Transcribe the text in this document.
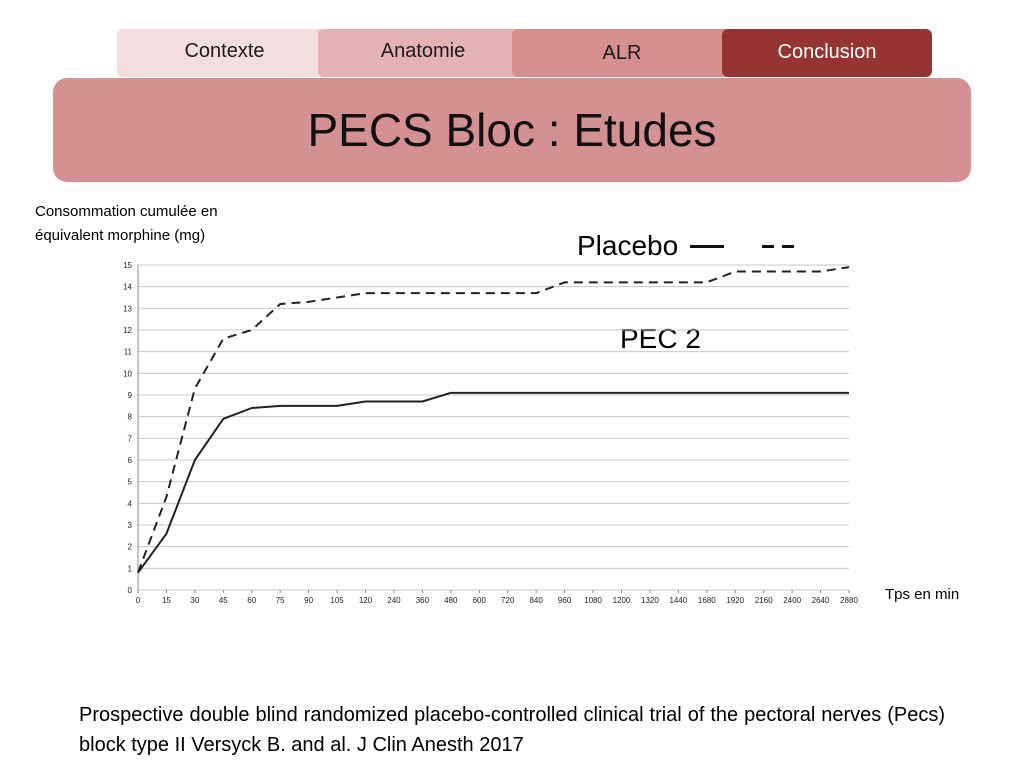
Contexte	Anatomie	ALR	Conclusion
PECS Bloc : Etudes
Consommation cumulée en équivalent morphine (mg)	Placebo
PEC 2
0
1
2
3
4
5
6
7
8
9
10
11
12
13
14
15
0	15 30 45 60 75 90 105 120 240 360 480 600 720 840 960 1080 1200 1320 1440 1680 1920 2160 2400 2640 2880 Tps en min
Prospective double blind randomized placebo-controlled clinical trial of the pectoral nerves (Pecs) block type II Versyck B. and al. J Clin Anesth 2017
